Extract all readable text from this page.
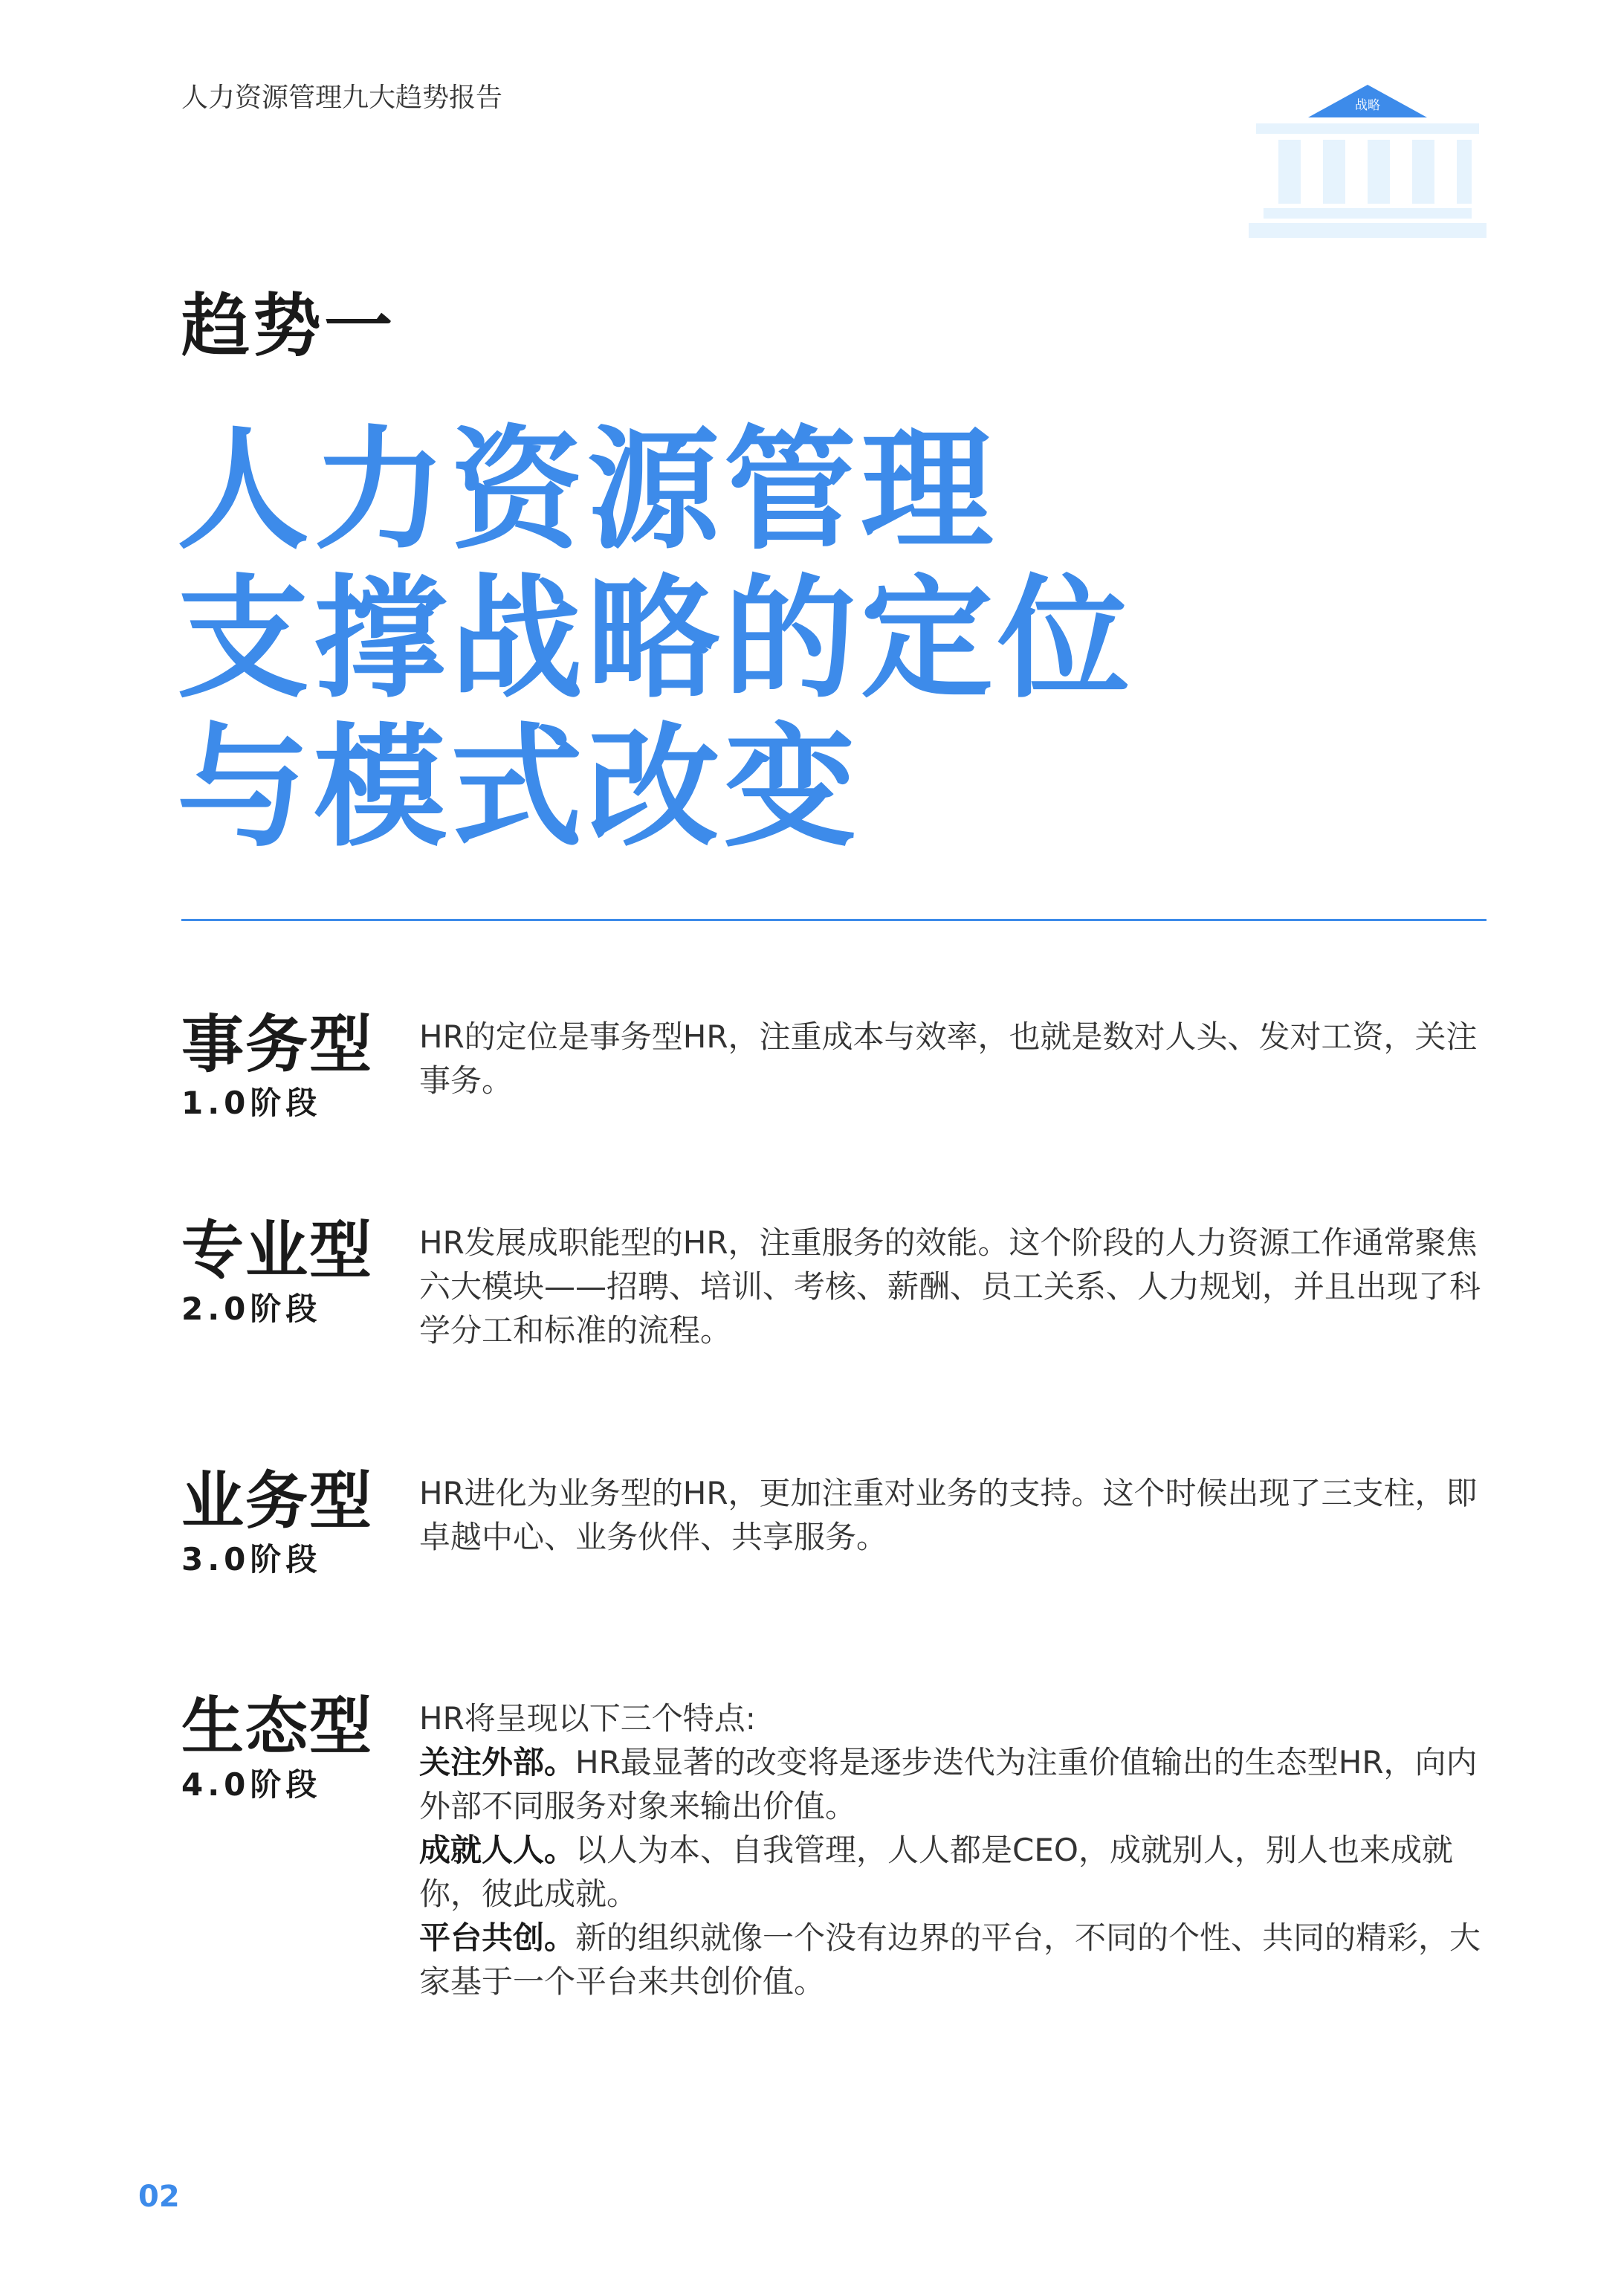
人力资源管理九大趋势报告	战略
趋势一
人力资源管理
支撑战略的定位
与模式改变
事务型
1.0阶段

HR的定位是事务型HR，注重成本与效率，也就是数对人头、发对工资，关注事务。

专业型
2.0阶段

HR发展成职能型的HR，注重服务的效能。这个阶段的人力资源工作通常聚焦六大模块——招聘、培训、考核、薪酬、员工关系、人力规划，并且出现了科学分工和标准的流程。

业务型
3.0阶段

HR进化为业务型的HR，更加注重对业务的支持。这个时候出现了三支柱，即卓越中心、业务伙伴、共享服务。

生态型
4.0阶段

HR将呈现以下三个特点:

关注外部。HR最显著的改变将是逐步迭代为注重价值输出的生态型HR，向内外部不同服务对象来输出价值。

成就人人。以人为本、自我管理，人人都是CEO，成就别人，别人也来成就你，彼此成就。

平台共创。新的组织就像一个没有边界的平台，不同的个性、共同的精彩，大家基于一个平台来共创价值。

02
